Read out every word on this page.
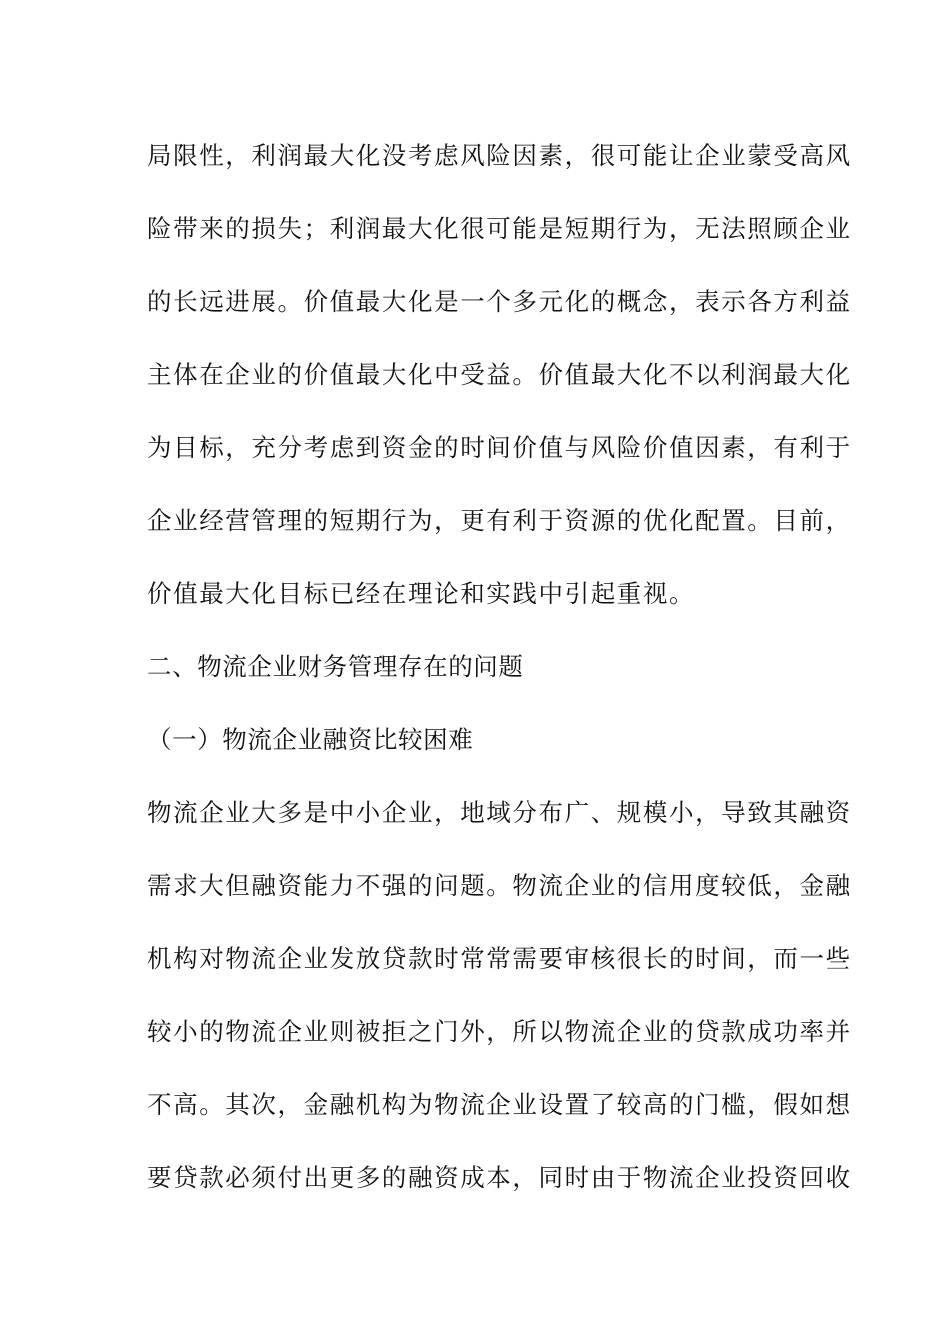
局限性，利润最大化没考虑风险因素，很可能让企业蒙受高风
险带来的损失；利润最大化很可能是短期行为，无法照顾企业
的长远进展。价值最大化是一个多元化的概念，表示各方利益
主体在企业的价值最大化中受益。价值最大化不以利润最大化
为目标，充分考虑到资金的时间价值与风险价值因素，有利于
企业经营管理的短期行为，更有利于资源的优化配置。目前，
价值最大化目标已经在理论和实践中引起重视。
二、物流企业财务管理存在的问题
（一）物流企业融资比较困难
物流企业大多是中小企业，地域分布广、规模小，导致其融资
需求大但融资能力不强的问题。物流企业的信用度较低，金融
机构对物流企业发放贷款时常常需要审核很长的时间，而一些
较小的物流企业则被拒之门外，所以物流企业的贷款成功率并
不高。其次，金融机构为物流企业设置了较高的门槛，假如想
要贷款必须付出更多的融资成本，同时由于物流企业投资回收
